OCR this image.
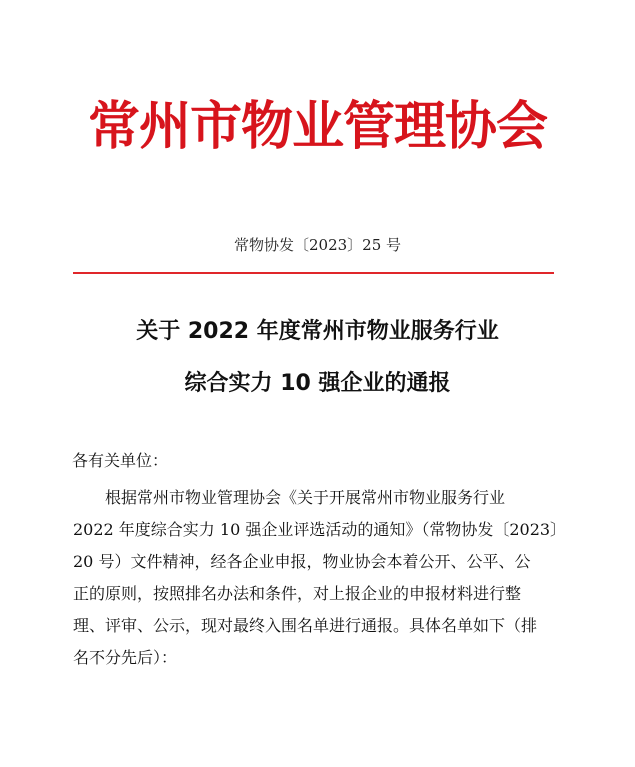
常州市物业管理协会
常物协发〔2023〕25 号
关于 2022 年度常州市物业服务行业
综合实力 10 强企业的通报
各有关单位：
根据常州市物业管理协会《关于开展常州市物业服务行业
2022 年度综合实力 10 强企业评选活动的通知》（常物协发〔2023〕
20 号）文件精神，经各企业申报，物业协会本着公开、公平、公
正的原则，按照排名办法和条件，对上报企业的申报材料进行整
理、评审、公示，现对最终入围名单进行通报。具体名单如下（排
名不分先后）：
